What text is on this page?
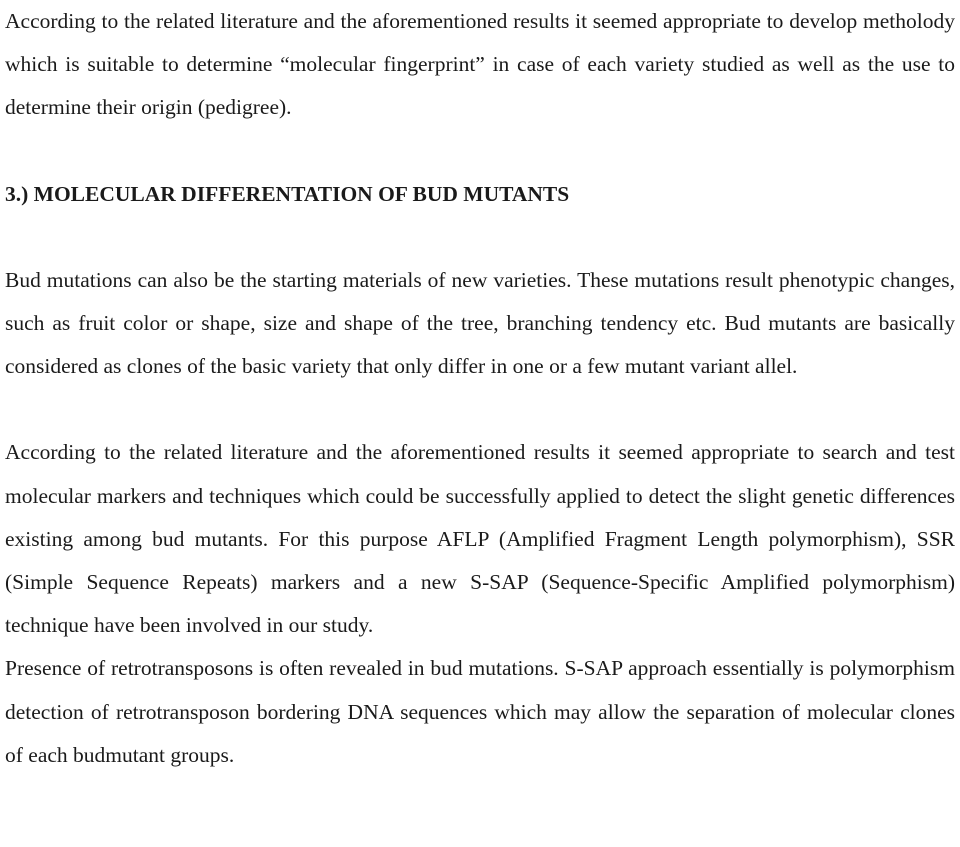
According to the related literature and the aforementioned results it seemed appropriate to develop metholody which is suitable to determine “molecular fingerprint” in case of each variety studied as well as the use to determine their origin (pedigree).

3.) MOLECULAR DIFFERENTATION OF BUD MUTANTS

Bud mutations can also be the starting materials of new varieties. These mutations result phenotypic changes, such as fruit color or shape, size and shape of the tree, branching tendency etc. Bud mutants are basically considered as clones of the basic variety that only differ in one or a few mutant variant allel.

According to the related literature and the aforementioned results it seemed appropriate to search and test molecular markers and techniques which could be successfully applied to detect the slight genetic differences existing among bud mutants. For this purpose AFLP (Amplified Fragment Length polymorphism), SSR (Simple Sequence Repeats) markers and a new S-SAP (Sequence-Specific Amplified polymorphism) technique have been involved in our study.

Presence of retrotransposons is often revealed in bud mutations. S-SAP approach essentially is polymorphism detection of retrotransposon bordering DNA sequences which may allow the separation of molecular clones of each budmutant groups.
